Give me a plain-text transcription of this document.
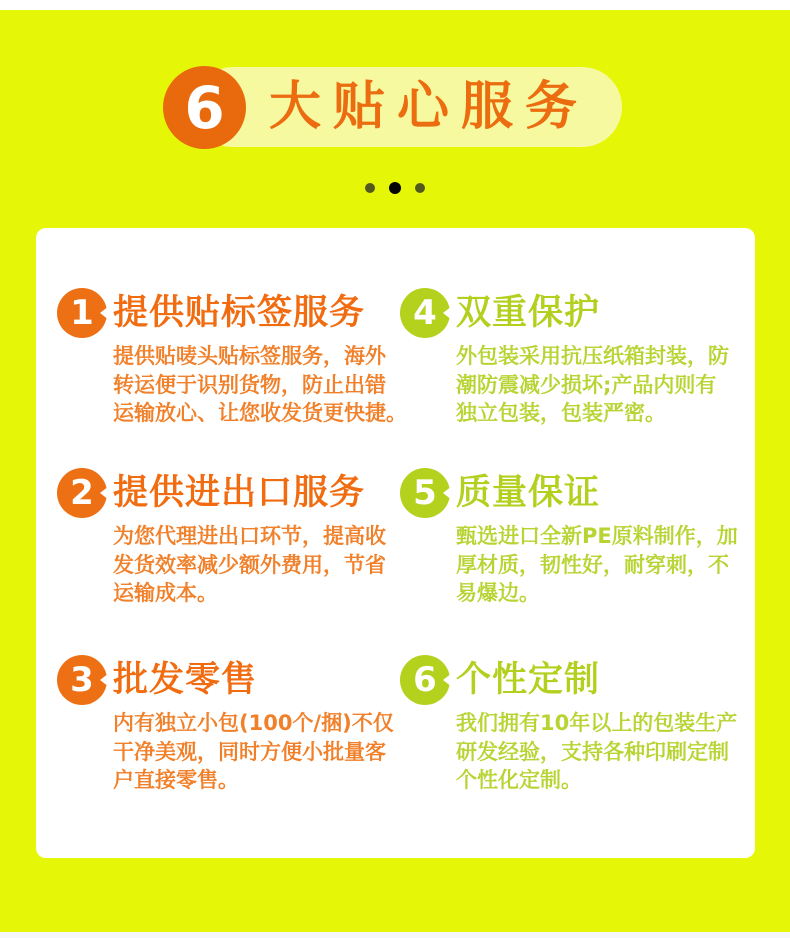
大贴心服务
6
1 提供贴标签服务
提供贴唛头贴标签服务，海外
转运便于识别货物，防止出错
运输放心、让您收发货更快捷。
2 提供进出口服务
为您代理进出口环节，提高收
发货效率减少额外费用，节省
运输成本。
3 批发零售
内有独立小包(100个/捆)不仅
干净美观，同时方便小批量客
户直接零售。
4 双重保护
外包装采用抗压纸箱封装，防
潮防震减少损坏;产品内则有
独立包装，包装严密。
5 质量保证
甄选进口全新PE原料制作，加
厚材质，韧性好，耐穿刺，不
易爆边。
6 个性定制
我们拥有10年以上的包装生产
研发经验，支持各种印刷定制
个性化定制。
